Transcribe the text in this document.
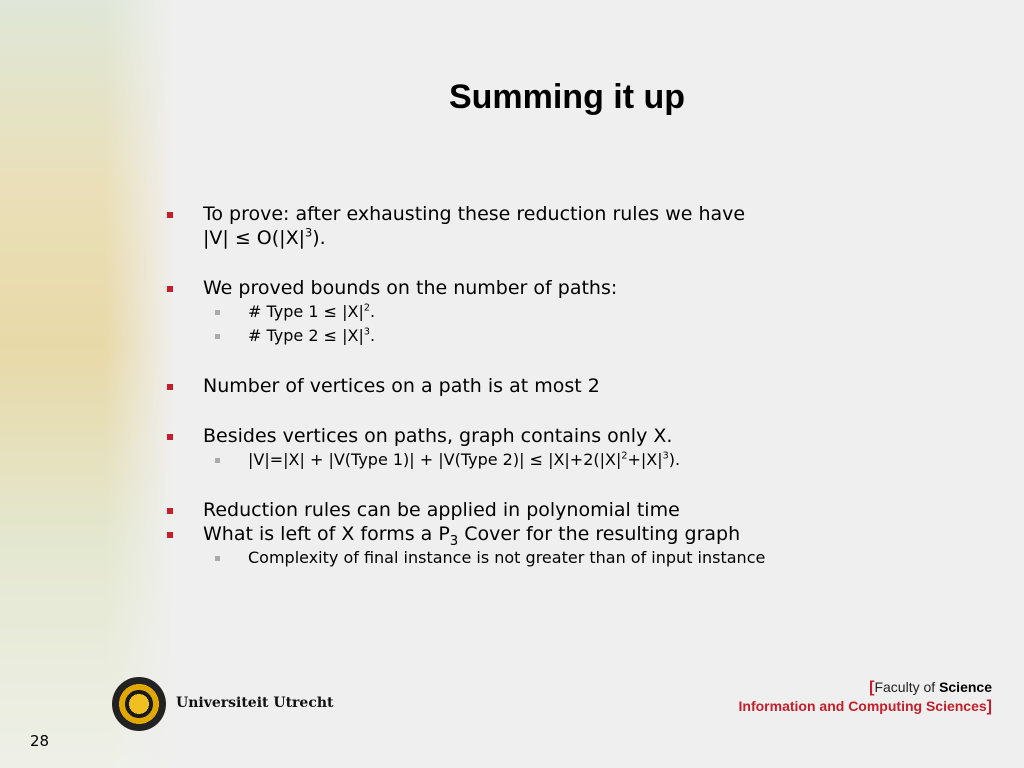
Summing it up
To prove: after exhausting these reduction rules we have
$|V| \le O(|X|^3)$.
We proved bounds on the number of paths:
# Type $1 \le |X|^2$.
# Type $2 \le |X|^3$.
Number of vertices on a path is at most 2
Besides vertices on paths, graph contains only X.
|V|=|X| + |V(Type 1)| + |V(Type $2)| \le |X|+2(|X|^2+|X|^3)$.
Reduction rules can be applied in polynomial time
What is left of X forms a $P_3$ Cover for the resulting graph
Complexity of final instance is not greater than of input instance
Universiteit Utrecht
[Faculty of Science
Information and Computing Sciences]
28
